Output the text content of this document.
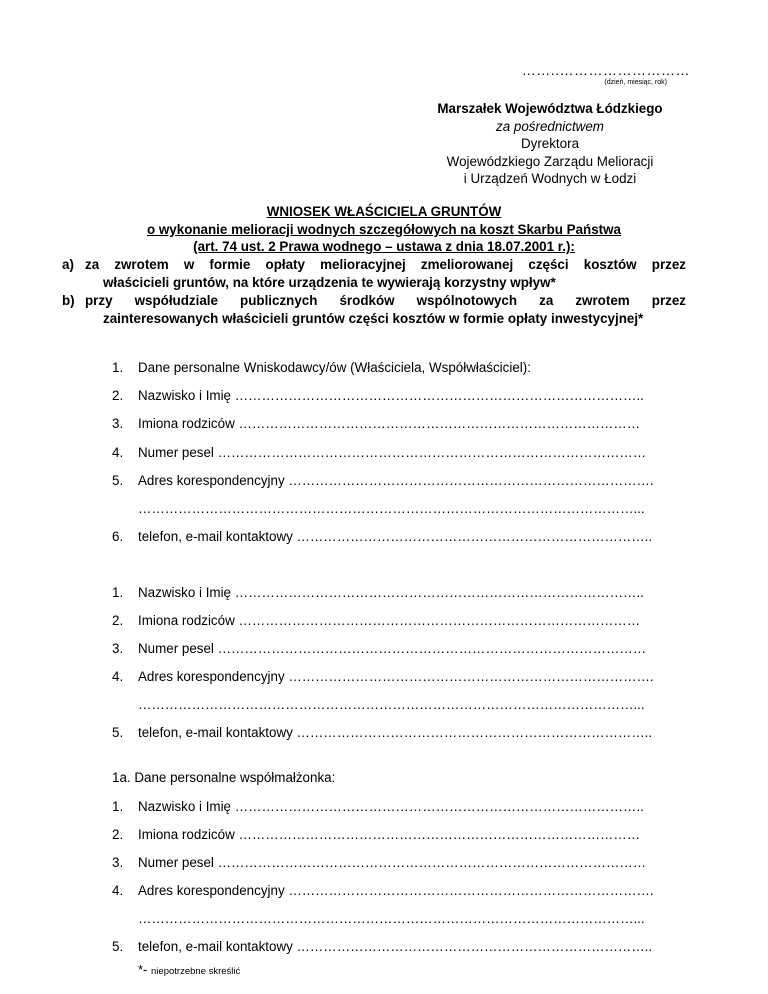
……..………………………
(dzień, miesiąc, rok)
Marszałek Województwa Łódzkiego
za pośrednictwem
Dyrektora
Wojewódzkiego Zarządu Melioracji
i Urządzeń Wodnych w Łodzi
WNIOSEK WŁAŚCICIELA GRUNTÓW
o wykonanie melioracji wodnych szczegółowych na koszt Skarbu Państwa
(art. 74 ust. 2 Prawa wodnego – ustawa z dnia 18.07.2001 r.):
a) za zwrotem w formie opłaty melioracyjnej zmeliorowanej części kosztów przez
właścicieli gruntów, na które urządzenia te wywierają korzystny wpływ*
b) przy współudziale publicznych środków wspólnotowych za zwrotem przez
zainteresowanych właścicieli gruntów części kosztów w formie opłaty inwestycyjnej*
1. Dane personalne Wniskodawcy/ów (Właściciela, Współwłaściciel):
2. Nazwisko i Imię ………………………………………………………………………………..
3. Imiona rodziców ………………………………………………………………………………
4. Numer pesel ……………………………………………………………………………………
5. Adres korespondencyjny ……………………………………………………………………….
…………………………………………………………………………………………………...
6. telefon, e-mail kontaktowy ……………………………………………………………………..
1. Nazwisko i Imię ………………………………………………………………………………..
2. Imiona rodziców ………………………………………………………………………………
3. Numer pesel ……………………………………………………………………………………
4. Adres korespondencyjny ……………………………………………………………………….
…………………………………………………………………………………………………...
5. telefon, e-mail kontaktowy ……………………………………………………………………..
1a. Dane personalne współmałżonka:
1. Nazwisko i Imię ………………………………………………………………………………..
2. Imiona rodziców ………………………………………………………………………………
3. Numer pesel ……………………………………………………………………………………
4. Adres korespondencyjny ……………………………………………………………………….
…………………………………………………………………………………………………...
5. telefon, e-mail kontaktowy ……………………………………………………………………..
*- niepotrzebne skreślić
